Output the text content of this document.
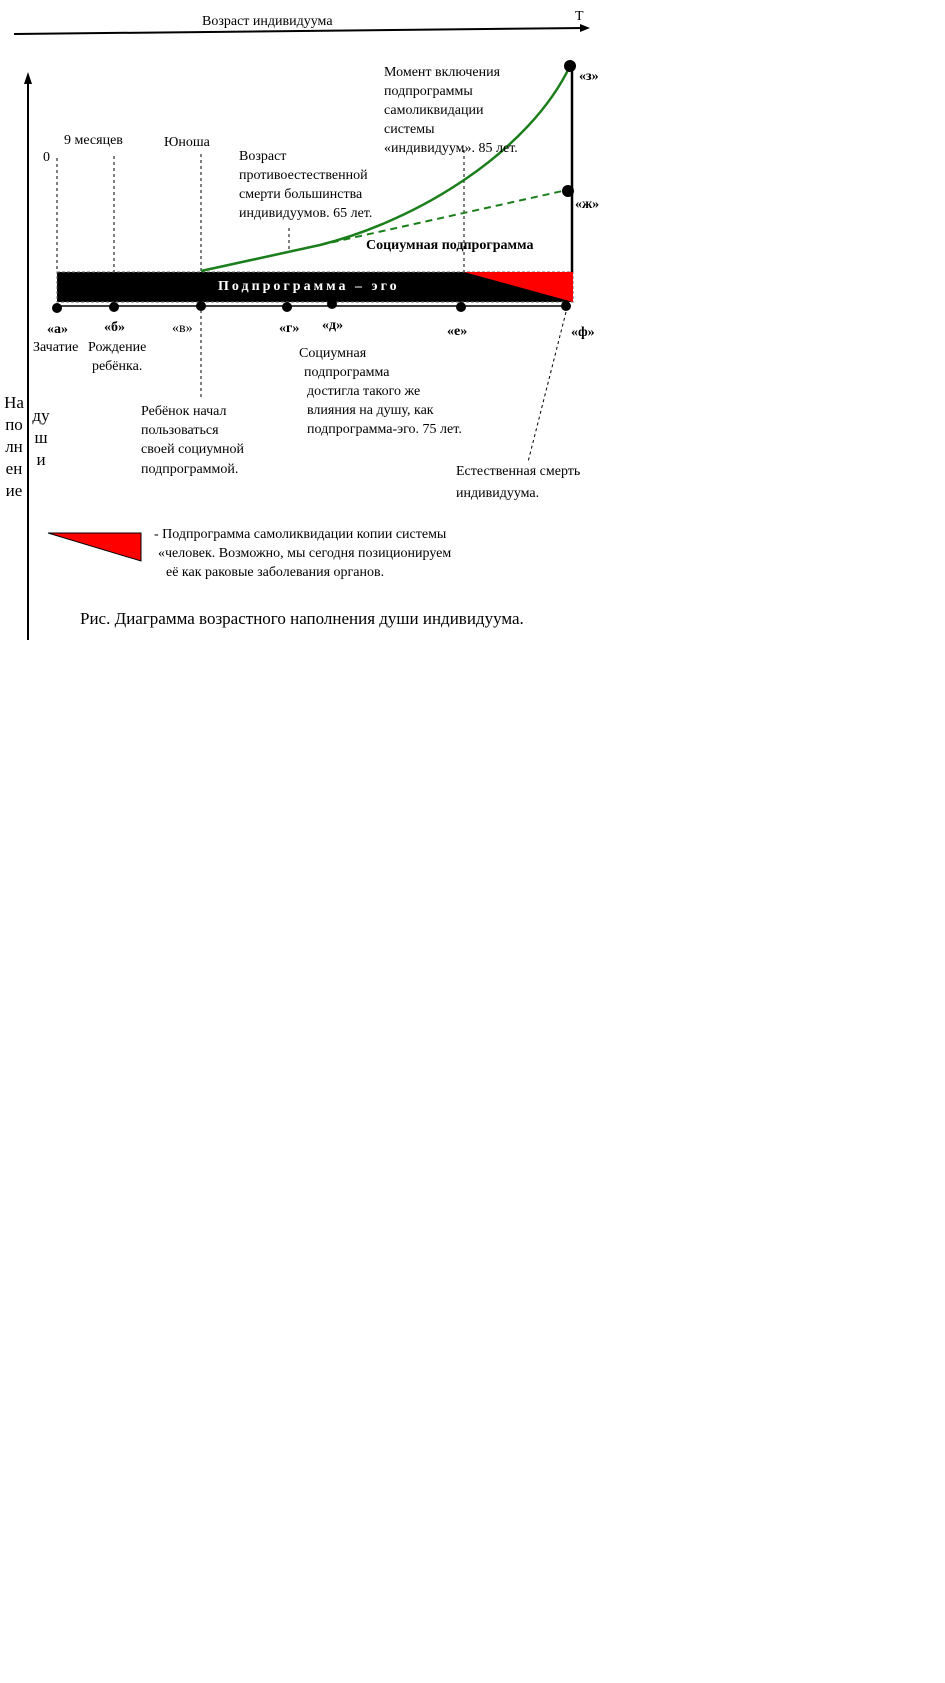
Возраст индивидуума	T
Наполнение
души
0
9 месяцев	Юноша
Возраст
противоестественной
смерти большинства
индивидуумов. 65 лет.
Момент включения
подпрограммы
самоликвидации
системы
«индивидуум». 85 лет.
Социумная подпрограмма
Подпрограмма – эго
«а»	«б»	«в»	«г» «д»	«е»	«ф»
«ж»
«з»
Зачатие Рождение
ребёнка.
Ребёнок начал
пользоваться
своей социумной
подпрограммой.
Социумная
подпрограмма
достигла такого же
влияния на душу, как
подпрограмма-эго. 75 лет.
Естественная смерть
индивидуума.
- Подпрограмма самоликвидации копии системы
«человек. Возможно, мы сегодня позиционируем
её как раковые заболевания органов.
Рис. Диаграмма возрастного наполнения души индивидуума.
